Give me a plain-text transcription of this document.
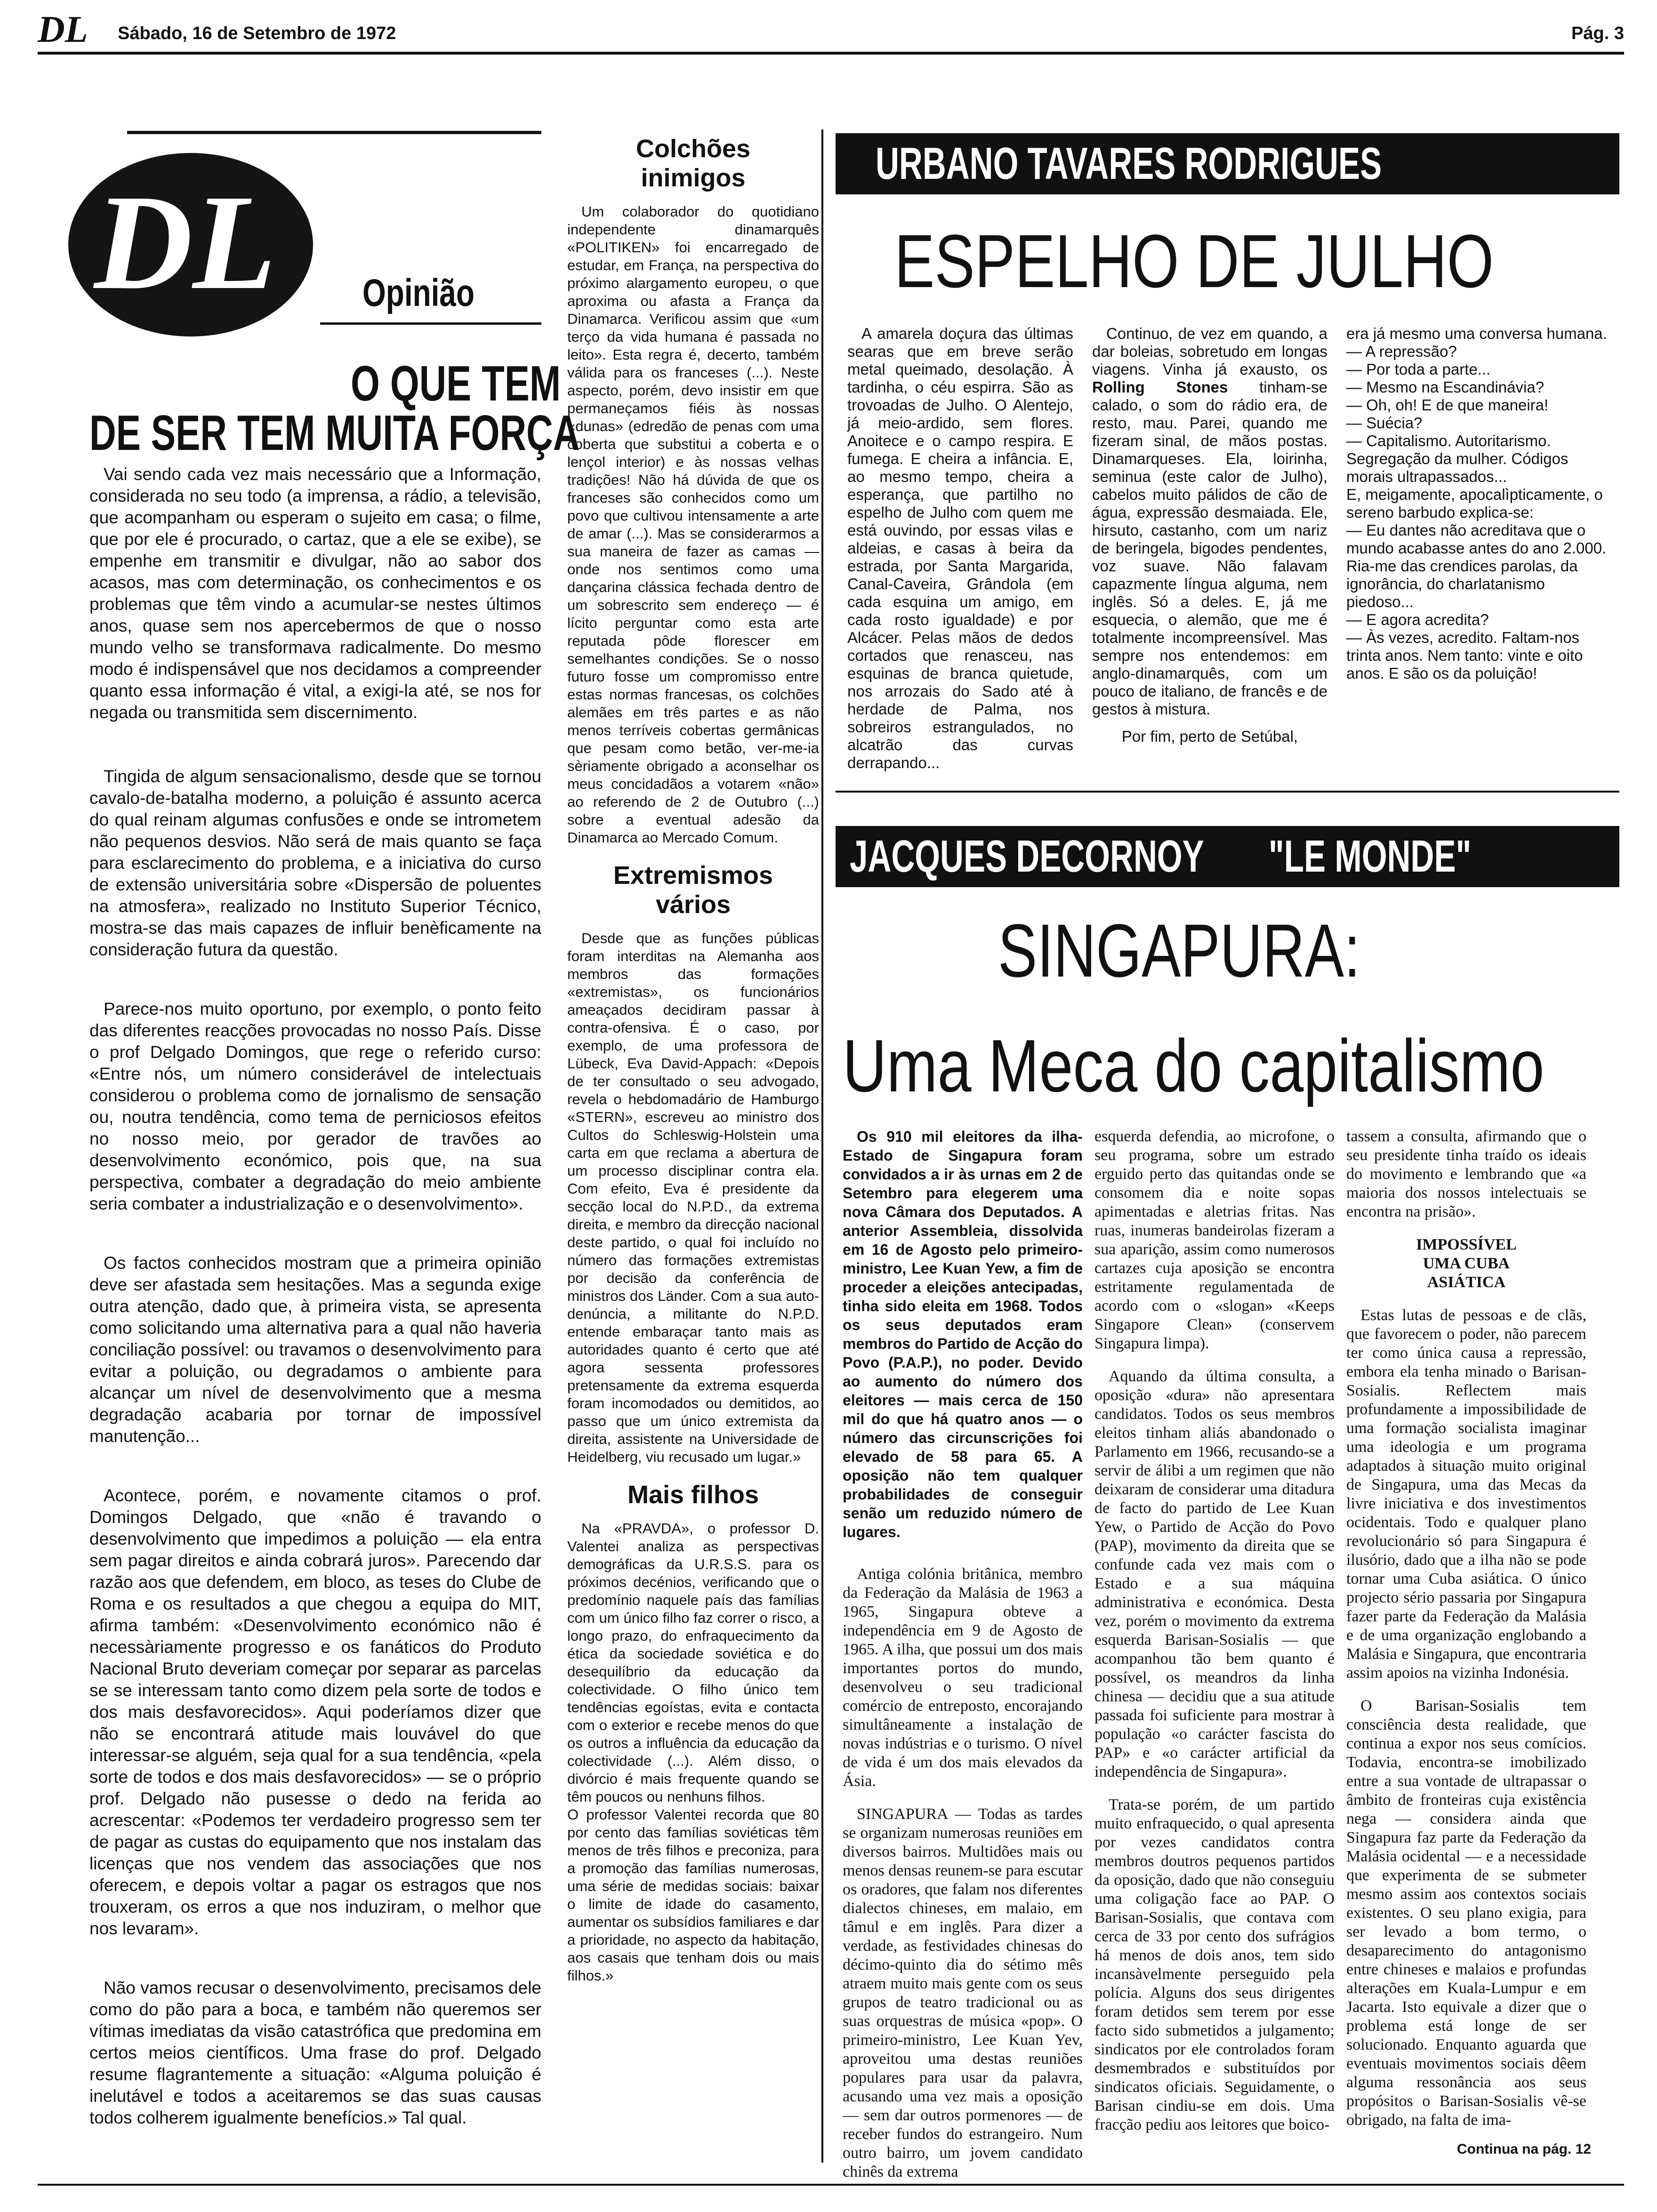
DL Sábado, 16 de Setembro de 1972	Pág. 3
DL Opinião
O QUE TEM
DE SER TEM MUITA FORÇA

Vai sendo cada vez mais necessário que a Informação, considerada no seu todo (a imprensa, a rádio, a televisão, que acompanham ou esperam o sujeito em casa; o filme, que por ele é procurado, o cartaz, que a ele se exibe), se empenhe em transmitir e divulgar, não ao sabor dos acasos, mas com determinação, os conhecimentos e os problemas que têm vindo a acumular-se nestes últimos anos, quase sem nos apercebermos de que o nosso mundo velho se transformava radicalmente. Do mesmo modo é indispensável que nos decidamos a compreender quanto essa informação é vital, a exigi-la até, se nos for negada ou transmitida sem discernimento.

Tingida de algum sensacionalismo, desde que se tornou cavalo-de-batalha moderno, a poluição é assunto acerca do qual reinam algumas confusões e onde se intrometem não pequenos desvios. Não será de mais quanto se faça para esclarecimento do problema, e a iniciativa do curso de extensão universitária sobre «Dispersão de poluentes na atmosfera», realizado no Instituto Superior Técnico, mostra-se das mais capazes de influir benèficamente na consideração futura da questão.

Parece-nos muito oportuno, por exemplo, o ponto feito das diferentes reacções provocadas no nosso País. Disse o prof Delgado Domingos, que rege o referido curso: «Entre nós, um número considerável de intelectuais considerou o problema como de jornalismo de sensação ou, noutra tendência, como tema de perniciosos efeitos no nosso meio, por gerador de travões ao desenvolvimento económico, pois que, na sua perspectiva, combater a degradação do meio ambiente seria combater a industrialização e o desenvolvimento».

Os factos conhecidos mostram que a primeira opinião deve ser afastada sem hesitações. Mas a segunda exige outra atenção, dado que, à primeira vista, se apresenta como solicitando uma alternativa para a qual não haveria conciliação possível: ou travamos o desenvolvimento para evitar a poluição, ou degradamos o ambiente para alcançar um nível de desenvolvimento que a mesma degradação acabaria por tornar de impossível manutenção...

Acontece, porém, e novamente citamos o prof. Domingos Delgado, que «não é travando o desenvolvimento que impedimos a poluição — ela entra sem pagar direitos e ainda cobrará juros». Parecendo dar razão aos que defendem, em bloco, as teses do Clube de Roma e os resultados a que chegou a equipa do MIT, afirma também: «Desenvolvimento económico não é necessàriamente progresso e os fanáticos do Produto Nacional Bruto deveriam começar por separar as parcelas se se interessam tanto como dizem pela sorte de todos e dos mais desfavorecidos». Aqui poderíamos dizer que não se encontrará atitude mais louvável do que interessar-se alguém, seja qual for a sua tendência, «pela sorte de todos e dos mais desfavorecidos» — se o próprio prof. Delgado não pusesse o dedo na ferida ao acrescentar: «Podemos ter verdadeiro progresso sem ter de pagar as custas do equipamento que nos instalam das licenças que nos vendem das associações que nos oferecem, e depois voltar a pagar os estragos que nos trouxeram, os erros a que nos induziram, o melhor que nos levaram».

Não vamos recusar o desenvolvimento, precisamos dele como do pão para a boca, e também não queremos ser vítimas imediatas da visão catastrófica que predomina em certos meios científicos. Uma frase do prof. Delgado resume flagrantemente a situação: «Alguma poluição é inelutável e todos a aceitaremos se das suas causas todos colherem igualmente benefícios.» Tal qual.

Colchões inimigos

Um colaborador do quotidiano independente dinamarquês «POLITIKEN» foi encarregado de estudar, em França, na perspectiva do próximo alargamento europeu, o que aproxima ou afasta a França da Dinamarca. Verificou assim que «um terço da vida humana é passada no leito». Esta regra é, decerto, também válida para os franceses (...). Neste aspecto, porém, devo insistir em que permaneçamos fiéis às nossas «dunas» (edredão de penas com uma coberta que substitui a coberta e o lençol interior) e às nossas velhas tradições! Não há dúvida de que os franceses são conhecidos como um povo que cultivou intensamente a arte de amar (...). Mas se considerarmos a sua maneira de fazer as camas — onde nos sentimos como uma dançarina clássica fechada dentro de um sobrescrito sem endereço — é lícito perguntar como esta arte reputada pôde florescer em semelhantes condições. Se o nosso futuro fosse um compromisso entre estas normas francesas, os colchões alemães em três partes e as não menos terríveis cobertas germânicas que pesam como betão, ver-me-ia sèriamente obrigado a aconselhar os meus concidadãos a votarem «não» ao referendo de 2 de Outubro (...) sobre a eventual adesão da Dinamarca ao Mercado Comum.

Extremismos vários

Desde que as funções públicas foram interditas na Alemanha aos membros das formações «extremistas», os funcionários ameaçados decidiram passar à contra-ofensiva. É o caso, por exemplo, de uma professora de Lübeck, Eva David-Appach: «Depois de ter consultado o seu advogado, revela o hebdomadário de Hamburgo «STERN», escreveu ao ministro dos Cultos do Schleswig-Holstein uma carta em que reclama a abertura de um processo disciplinar contra ela. Com efeito, Eva é presidente da secção local do N.P.D., da extrema direita, e membro da direcção nacional deste partido, o qual foi incluído no número das formações extremistas por decisão da conferência de ministros dos Länder. Com a sua auto-denúncia, a militante do N.P.D. entende embaraçar tanto mais as autoridades quanto é certo que até agora sessenta professores pretensamente da extrema esquerda foram incomodados ou demitidos, ao passo que um único extremista da direita, assistente na Universidade de Heidelberg, viu recusado um lugar.»

Mais filhos

Na «PRAVDA», o professor D. Valentei analiza as perspectivas demográficas da U.R.S.S. para os próximos decénios, verificando que o predomínio naquele país das famílias com um único filho faz correr o risco, a longo prazo, do enfraquecimento da ética da sociedade soviética e do desequilíbrio da educação da colectividade. O filho único tem tendências egoístas, evita e contacta com o exterior e recebe menos do que os outros a influência da educação da colectividade (...). Além disso, o divórcio é mais frequente quando se têm poucos ou nenhuns filhos.
O professor Valentei recorda que 80 por cento das famílias soviéticas têm menos de três filhos e preconiza, para a promoção das famílias numerosas, uma série de medidas sociais: baixar o limite de idade do casamento, aumentar os subsídios familiares e dar a prioridade, no aspecto da habitação, aos casais que tenham dois ou mais filhos.»

URBANO TAVARES RODRIGUES
ESPELHO DE JULHO

A amarela doçura das últimas searas que em breve serão metal queimado, desolação. À tardinha, o céu espirra. São as trovoadas de Julho. O Alentejo, já meio-ardido, sem flores. Anoitece e o campo respira. E fumega. E cheira a infância. E, ao mesmo tempo, cheira a esperança, que partilho no espelho de Julho com quem me está ouvindo, por essas vilas e aldeias, e casas à beira da estrada, por Santa Margarida, Canal-Caveira, Grândola (em cada esquina um amigo, em cada rosto igualdade) e por Alcácer. Pelas mãos de dedos cortados que renasceu, nas esquinas de branca quietude, nos arrozais do Sado até à herdade de Palma, nos sobreiros estrangulados, no alcatrão das curvas derrapando...

Continuo, de vez em quando, a dar boleias, sobretudo em longas viagens. Vinha já exausto, os Rolling Stones tinham-se calado, o som do rádio era, de resto, mau. Parei, quando me fizeram sinal, de mãos postas. Dinamarqueses. Ela, loirinha, seminua (este calor de Julho), cabelos muito pálidos de cão de água, expressão desmaiada. Ele, hirsuto, castanho, com um nariz de beringela, bigodes pendentes, voz suave. Não falavam capazmente língua alguma, nem inglês. Só a deles. E, já me esquecia, o alemão, que me é totalmente incompreensível. Mas sempre nos entendemos: em anglo-dinamarquês, com um pouco de italiano, de francês e de gestos à mistura.

Por fim, perto de Setúbal,

era já mesmo uma conversa humana.
— A repressão?
— Por toda a parte...
— Mesmo na Escandinávia?
— Oh, oh! E de que maneira!
— Suécia?
— Capitalismo. Autoritarismo. Segregação da mulher. Códigos morais ultrapassados...
E, meigamente, apocalìpticamente, o sereno barbudo explica-se:
— Eu dantes não acreditava que o mundo acabasse antes do ano 2.000. Ria-me das crendices parolas, da ignorância, do charlatanismo piedoso...
— E agora acredita?
— Às vezes, acredito. Faltam-nos trinta anos. Nem tanto: vinte e oito anos. E são os da poluição!

JACQUES DECORNOY "LE MONDE"
SINGAPURA:
Uma Meca do capitalismo

Os 910 mil eleitores da ilha-Estado de Singapura foram convidados a ir às urnas em 2 de Setembro para elegerem uma nova Câmara dos Deputados. A anterior Assembleia, dissolvida em 16 de Agosto pelo primeiro-ministro, Lee Kuan Yew, a fim de proceder a eleições antecipadas, tinha sido eleita em 1968. Todos os seus deputados eram membros do Partido de Acção do Povo (P.A.P.), no poder. Devido ao aumento do número dos eleitores — mais cerca de 150 mil do que há quatro anos — o número das circunscrições foi elevado de 58 para 65. A oposição não tem qualquer probabilidades de conseguir senão um reduzido número de lugares.

Antiga colónia britânica, membro da Federação da Malásia de 1963 a 1965, Singapura obteve a independência em 9 de Agosto de 1965. A ilha, que possui um dos mais importantes portos do mundo, desenvolveu o seu tradicional comércio de entreposto, encorajando simultâneamente a instalação de novas indústrias e o turismo. O nível de vida é um dos mais elevados da Ásia.

SINGAPURA — Todas as tardes se organizam numerosas reuniões em diversos bairros. Multidões mais ou menos densas reunem-se para escutar os oradores, que falam nos diferentes dialectos chineses, em malaio, em tâmul e em inglês. Para dizer a verdade, as festividades chinesas do décimo-quinto dia do sétimo mês atraem muito mais gente com os seus grupos de teatro tradicional ou as suas orquestras de música «pop». O primeiro-ministro, Lee Kuan Yev, aproveitou uma destas reuniões populares para usar da palavra, acusando uma vez mais a oposição — sem dar outros pormenores — de receber fundos do estrangeiro. Num outro bairro, um jovem candidato chinês da extrema

esquerda defendia, ao microfone, o seu programa, sobre um estrado erguido perto das quitandas onde se consomem dia e noite sopas apimentadas e aletrias fritas. Nas ruas, inumeras bandeirolas fizeram a sua aparição, assim como numerosos cartazes cuja aposição se encontra estritamente regulamentada de acordo com o «slogan» «Keeps Singapore Clean» (conservem Singapura limpa).

Aquando da última consulta, a oposição «dura» não apresentara candidatos. Todos os seus membros eleitos tinham aliás abandonado o Parlamento em 1966, recusando-se a servir de álibi a um regimen que não deixaram de considerar uma ditadura de facto do partido de Lee Kuan Yew, o Partido de Acção do Povo (PAP), movimento da direita que se confunde cada vez mais com o Estado e a sua máquina administrativa e económica. Desta vez, porém o movimento da extrema esquerda Barisan-Sosialis — que acompanhou tão bem quanto é possível, os meandros da linha chinesa — decidiu que a sua atitude passada foi suficiente para mostrar à população «o carácter fascista do PAP» e «o carácter artificial da independência de Singapura».

Trata-se porém, de um partido muito enfraquecido, o qual apresenta por vezes candidatos contra membros doutros pequenos partidos da oposição, dado que não conseguiu uma coligação face ao PAP. O Barisan-Sosialis, que contava com cerca de 33 por cento dos sufrágios há menos de dois anos, tem sido incansàvelmente perseguido pela polícia. Alguns dos seus dirigentes foram detidos sem terem por esse facto sido submetidos a julgamento; sindicatos por ele controlados foram desmembrados e substituídos por sindicatos oficiais. Seguidamente, o Barisan cindiu-se em dois. Uma fracção pediu aos leitores que boico-

tassem a consulta, afirmando que o seu presidente tinha traído os ideais do movimento e lembrando que «a maioria dos nossos intelectuais se encontra na prisão».

IMPOSSÍVEL UMA CUBA ASIÁTICA

Estas lutas de pessoas e de clãs, que favorecem o poder, não parecem ter como única causa a repressão, embora ela tenha minado o Barisan-Sosialis. Reflectem mais profundamente a impossibilidade de uma formação socialista imaginar uma ideologia e um programa adaptados à situação muito original de Singapura, uma das Mecas da livre iniciativa e dos investimentos ocidentais. Todo e qualquer plano revolucionário só para Singapura é ilusório, dado que a ilha não se pode tornar uma Cuba asiática. O único projecto sério passaria por Singapura fazer parte da Federação da Malásia e de uma organização englobando a Malásia e Singapura, que encontraria assim apoios na vizinha Indonésia.

O Barisan-Sosialis tem consciência desta realidade, que continua a expor nos seus comícios. Todavia, encontra-se imobilizado entre a sua vontade de ultrapassar o âmbito de fronteiras cuja existência nega — considera ainda que Singapura faz parte da Federação da Malásia ocidental — e a necessidade que experimenta de se submeter mesmo assim aos contextos sociais existentes. O seu plano exigia, para ser levado a bom termo, o desaparecimento do antagonismo entre chineses e malaios e profundas alterações em Kuala-Lumpur e em Jacarta. Isto equivale a dizer que o problema está longe de ser solucionado. Enquanto aguarda que eventuais movimentos sociais dêem alguma ressonância aos seus propósitos o Barisan-Sosialis vê-se obrigado, na falta de ima-

Continua na pág. 12
